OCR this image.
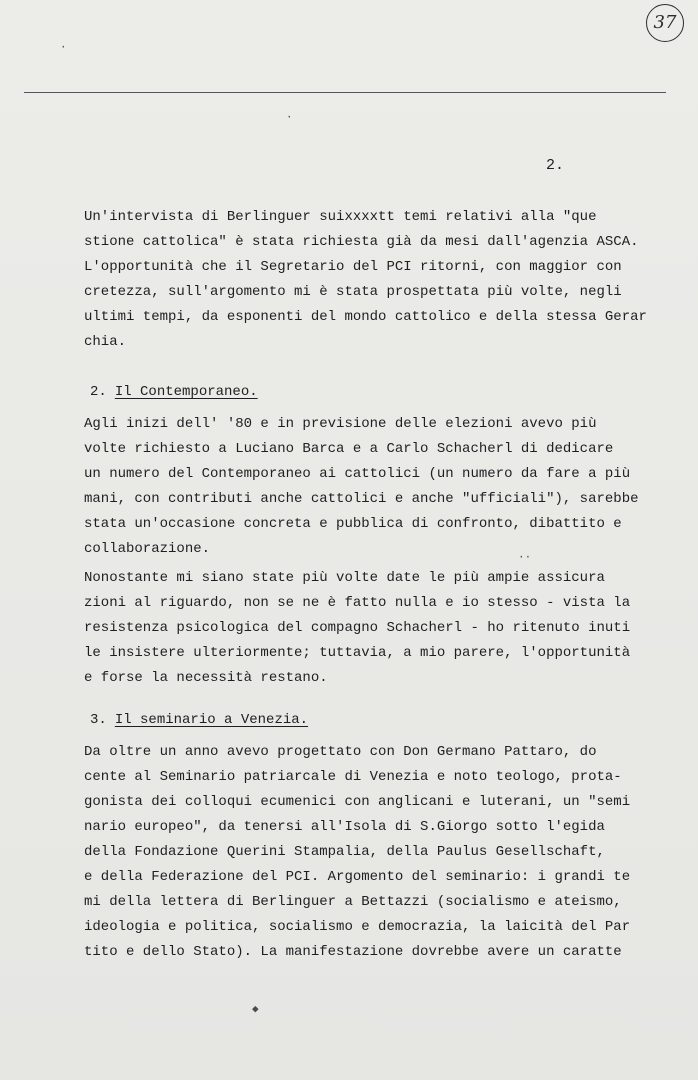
37
2.
·
·
··
◆
Un'intervista di Berlinguer suixxxxtt temi relativi alla "que
stione cattolica" è stata richiesta già da mesi dall'agenzia ASCA.
L'opportunità che il Segretario del PCI ritorni, con maggior con
cretezza, sull'argomento mi è stata prospettata più volte, negli
ultimi tempi, da esponenti del mondo cattolico e della stessa Gerar
chia.
2. Il Contemporaneo.
Agli inizi dell' '80 e in previsione delle elezioni avevo più
volte richiesto a Luciano Barca e a Carlo Schacherl di dedicare
un numero del Contemporaneo ai cattolici (un numero da fare a più
mani, con contributi anche cattolici e anche "ufficiali"), sarebbe
stata un'occasione concreta e pubblica di confronto, dibattito e
collaborazione.
Nonostante mi siano state più volte date le più ampie assicura
zioni al riguardo, non se ne è fatto nulla e io stesso - vista la
resistenza psicologica del compagno Schacherl - ho ritenuto inuti
le insistere ulteriormente; tuttavia, a mio parere, l'opportunità
e forse la necessità restano.
3. Il seminario a Venezia.
Da oltre un anno avevo progettato con Don Germano Pattaro, do
cente al Seminario patriarcale di Venezia e noto teologo, prota-
gonista dei colloqui ecumenici con anglicani e luterani, un "semi
nario europeo", da tenersi all'Isola di S.Giorgo sotto l'egida
della Fondazione Querini Stampalia, della Paulus Gesellschaft,
e della Federazione del PCI. Argomento del seminario: i grandi te
mi della lettera di Berlinguer a Bettazzi (socialismo e ateismo,
ideologia e politica, socialismo e democrazia, la laicità del Par
tito e dello Stato). La manifestazione dovrebbe avere un caratte
